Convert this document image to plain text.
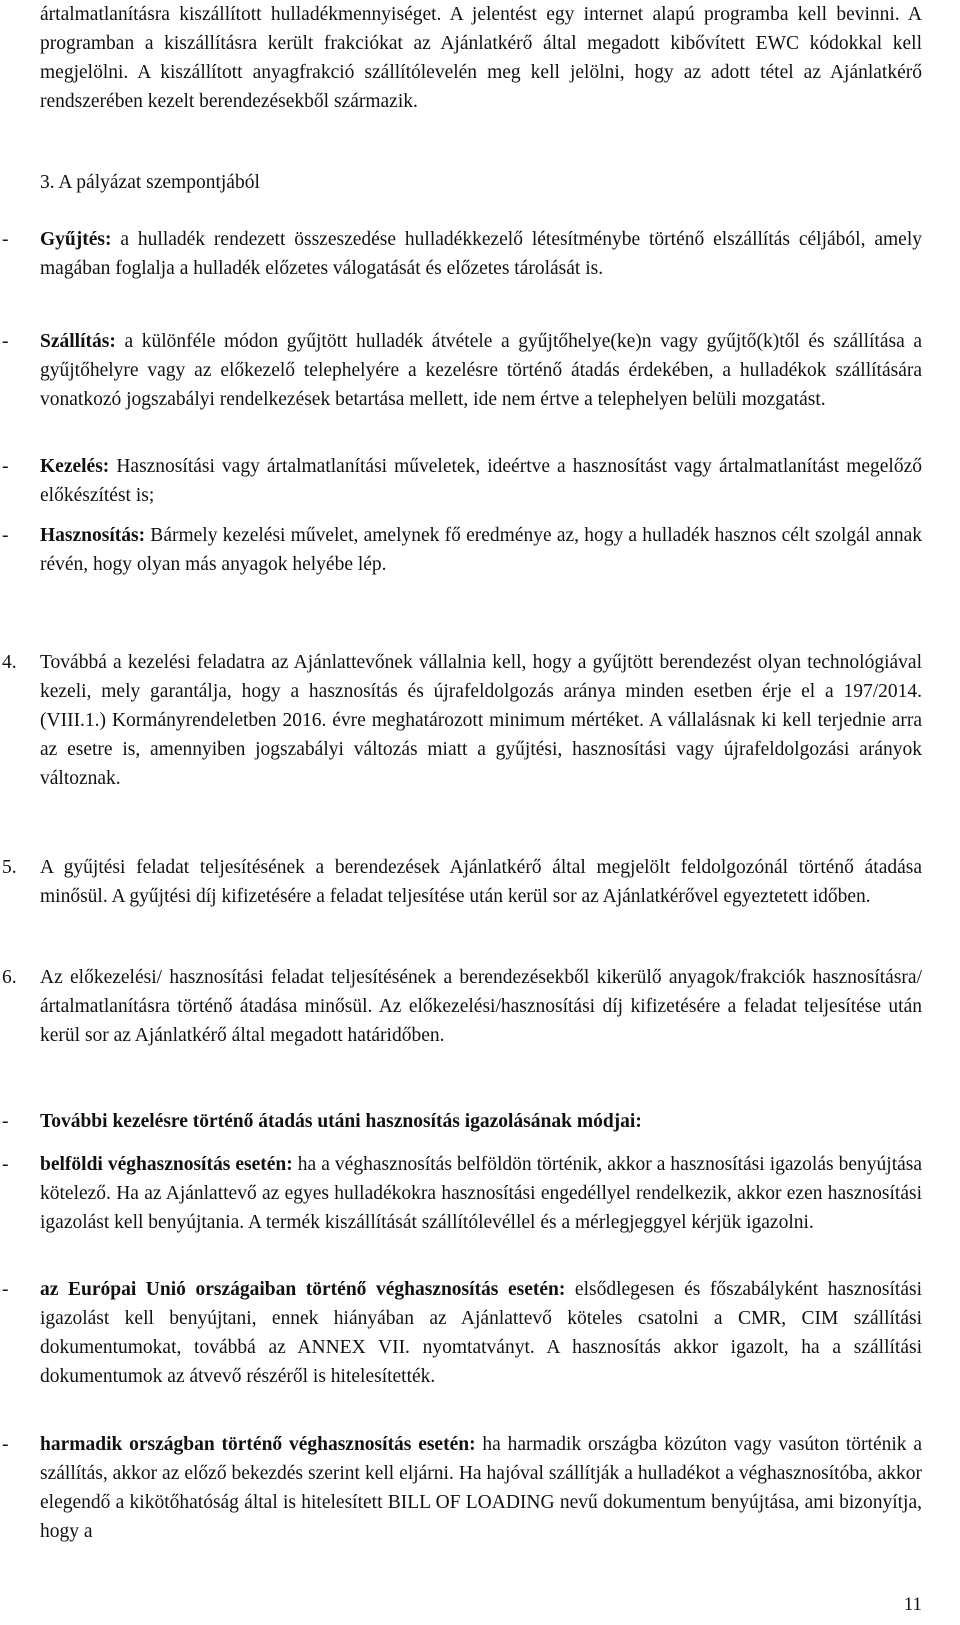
ártalmatlanításra kiszállított hulladékmennyiséget. A jelentést egy internet alapú programba kell bevinni. A programban a kiszállításra került frakciókat az Ajánlatkérő által megadott kibővített EWC kódokkal kell megjelölni. A kiszállított anyagfrakció szállítólevelén meg kell jelölni, hogy az adott tétel az Ajánlatkérő rendszerében kezelt berendezésekből származik.

3. A pályázat szempontjából

-	Gyűjtés: a hulladék rendezett összeszedése hulladékkezelő létesítménybe történő elszállítás céljából, amely magában foglalja a hulladék előzetes válogatását és előzetes tárolását is.

-	Szállítás: a különféle módon gyűjtött hulladék átvétele a gyűjtőhelye(ke)n vagy gyűjtő(k)től és szállítása a gyűjtőhelyre vagy az előkezelő telephelyére a kezelésre történő átadás érdekében, a hulladékok szállítására vonatkozó jogszabályi rendelkezések betartása mellett, ide nem értve a telephelyen belüli mozgatást.

-	Kezelés: Hasznosítási vagy ártalmatlanítási műveletek, ideértve a hasznosítást vagy ártalmatlanítást megelőző előkészítést is;

-	Hasznosítás: Bármely kezelési művelet, amelynek fő eredménye az, hogy a hulladék hasznos célt szolgál annak révén, hogy olyan más anyagok helyébe lép.

4.	Továbbá a kezelési feladatra az Ajánlattevőnek vállalnia kell, hogy a gyűjtött berendezést olyan technológiával kezeli, mely garantálja, hogy a hasznosítás és újrafeldolgozás aránya minden esetben érje el a 197/2014. (VIII.1.) Kormányrendeletben 2016. évre meghatározott minimum mértéket. A vállalásnak ki kell terjednie arra az esetre is, amennyiben jogszabályi változás miatt a gyűjtési, hasznosítási vagy újrafeldolgozási arányok változnak.

5.	A gyűjtési feladat teljesítésének a berendezések Ajánlatkérő által megjelölt feldolgozónál történő átadása minősül. A gyűjtési díj kifizetésére a feladat teljesítése után kerül sor az Ajánlatkérővel egyeztetett időben.

6.	Az előkezelési/ hasznosítási feladat teljesítésének a berendezésekből kikerülő anyagok/frakciók hasznosításra/ártalmatlanításra történő átadása minősül. Az előkezelési/hasznosítási díj kifizetésére a feladat teljesítése után kerül sor az Ajánlatkérő által megadott határidőben.

-	További kezelésre történő átadás utáni hasznosítás igazolásának módjai:

-	belföldi véghasznosítás esetén: ha a véghasznosítás belföldön történik, akkor a hasznosítási igazolás benyújtása kötelező. Ha az Ajánlattevő az egyes hulladékokra hasznosítási engedéllyel rendelkezik, akkor ezen hasznosítási igazolást kell benyújtania. A termék kiszállítását szállítólevéllel és a mérlegjeggyel kérjük igazolni.

-	az Európai Unió országaiban történő véghasznosítás esetén: elsődlegesen és főszabályként hasznosítási igazolást kell benyújtani, ennek hiányában az Ajánlattevő köteles csatolni a CMR, CIM szállítási dokumentumokat, továbbá az ANNEX VII. nyomtatványt. A hasznosítás akkor igazolt, ha a szállítási dokumentumok az átvevő részéről is hitelesítették.

-	harmadik országban történő véghasznosítás esetén: ha harmadik országba közúton vagy vasúton történik a szállítás, akkor az előző bekezdés szerint kell eljárni. Ha hajóval szállítják a hulladékot a véghasznosítóba, akkor elegendő a kikötőhatóság által is hitelesített BILL OF LOADING nevű dokumentum benyújtása, ami bizonyítja, hogy a

11
